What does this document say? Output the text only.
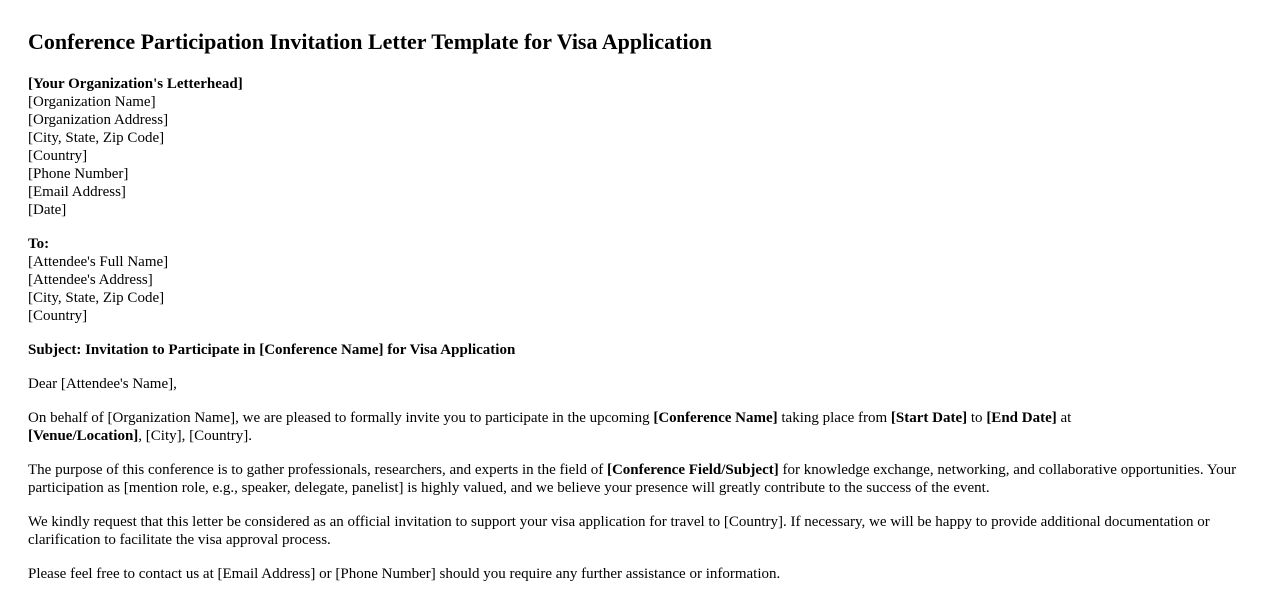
Conference Participation Invitation Letter Template for Visa Application
[Your Organization's Letterhead]
[Organization Name]
[Organization Address]
[City, State, Zip Code]
[Country]
[Phone Number]
[Email Address]
[Date]
To:
[Attendee's Full Name]
[Attendee's Address]
[City, State, Zip Code]
[Country]

Subject: Invitation to Participate in [Conference Name] for Visa Application

Dear [Attendee's Name],

On behalf of [Organization Name], we are pleased to formally invite you to participate in the upcoming [Conference Name] taking place from [Start Date] to [End Date] at
[Venue/Location], [City], [Country].

The purpose of this conference is to gather professionals, researchers, and experts in the field of [Conference Field/Subject] for knowledge exchange, networking, and collaborative opportunities. Your participation as [mention role, e.g., speaker, delegate, panelist] is highly valued, and we believe your presence will greatly contribute to the success of the event.

We kindly request that this letter be considered as an official invitation to support your visa application for travel to [Country]. If necessary, we will be happy to provide additional documentation or clarification to facilitate the visa approval process.

Please feel free to contact us at [Email Address] or [Phone Number] should you require any further assistance or information.
